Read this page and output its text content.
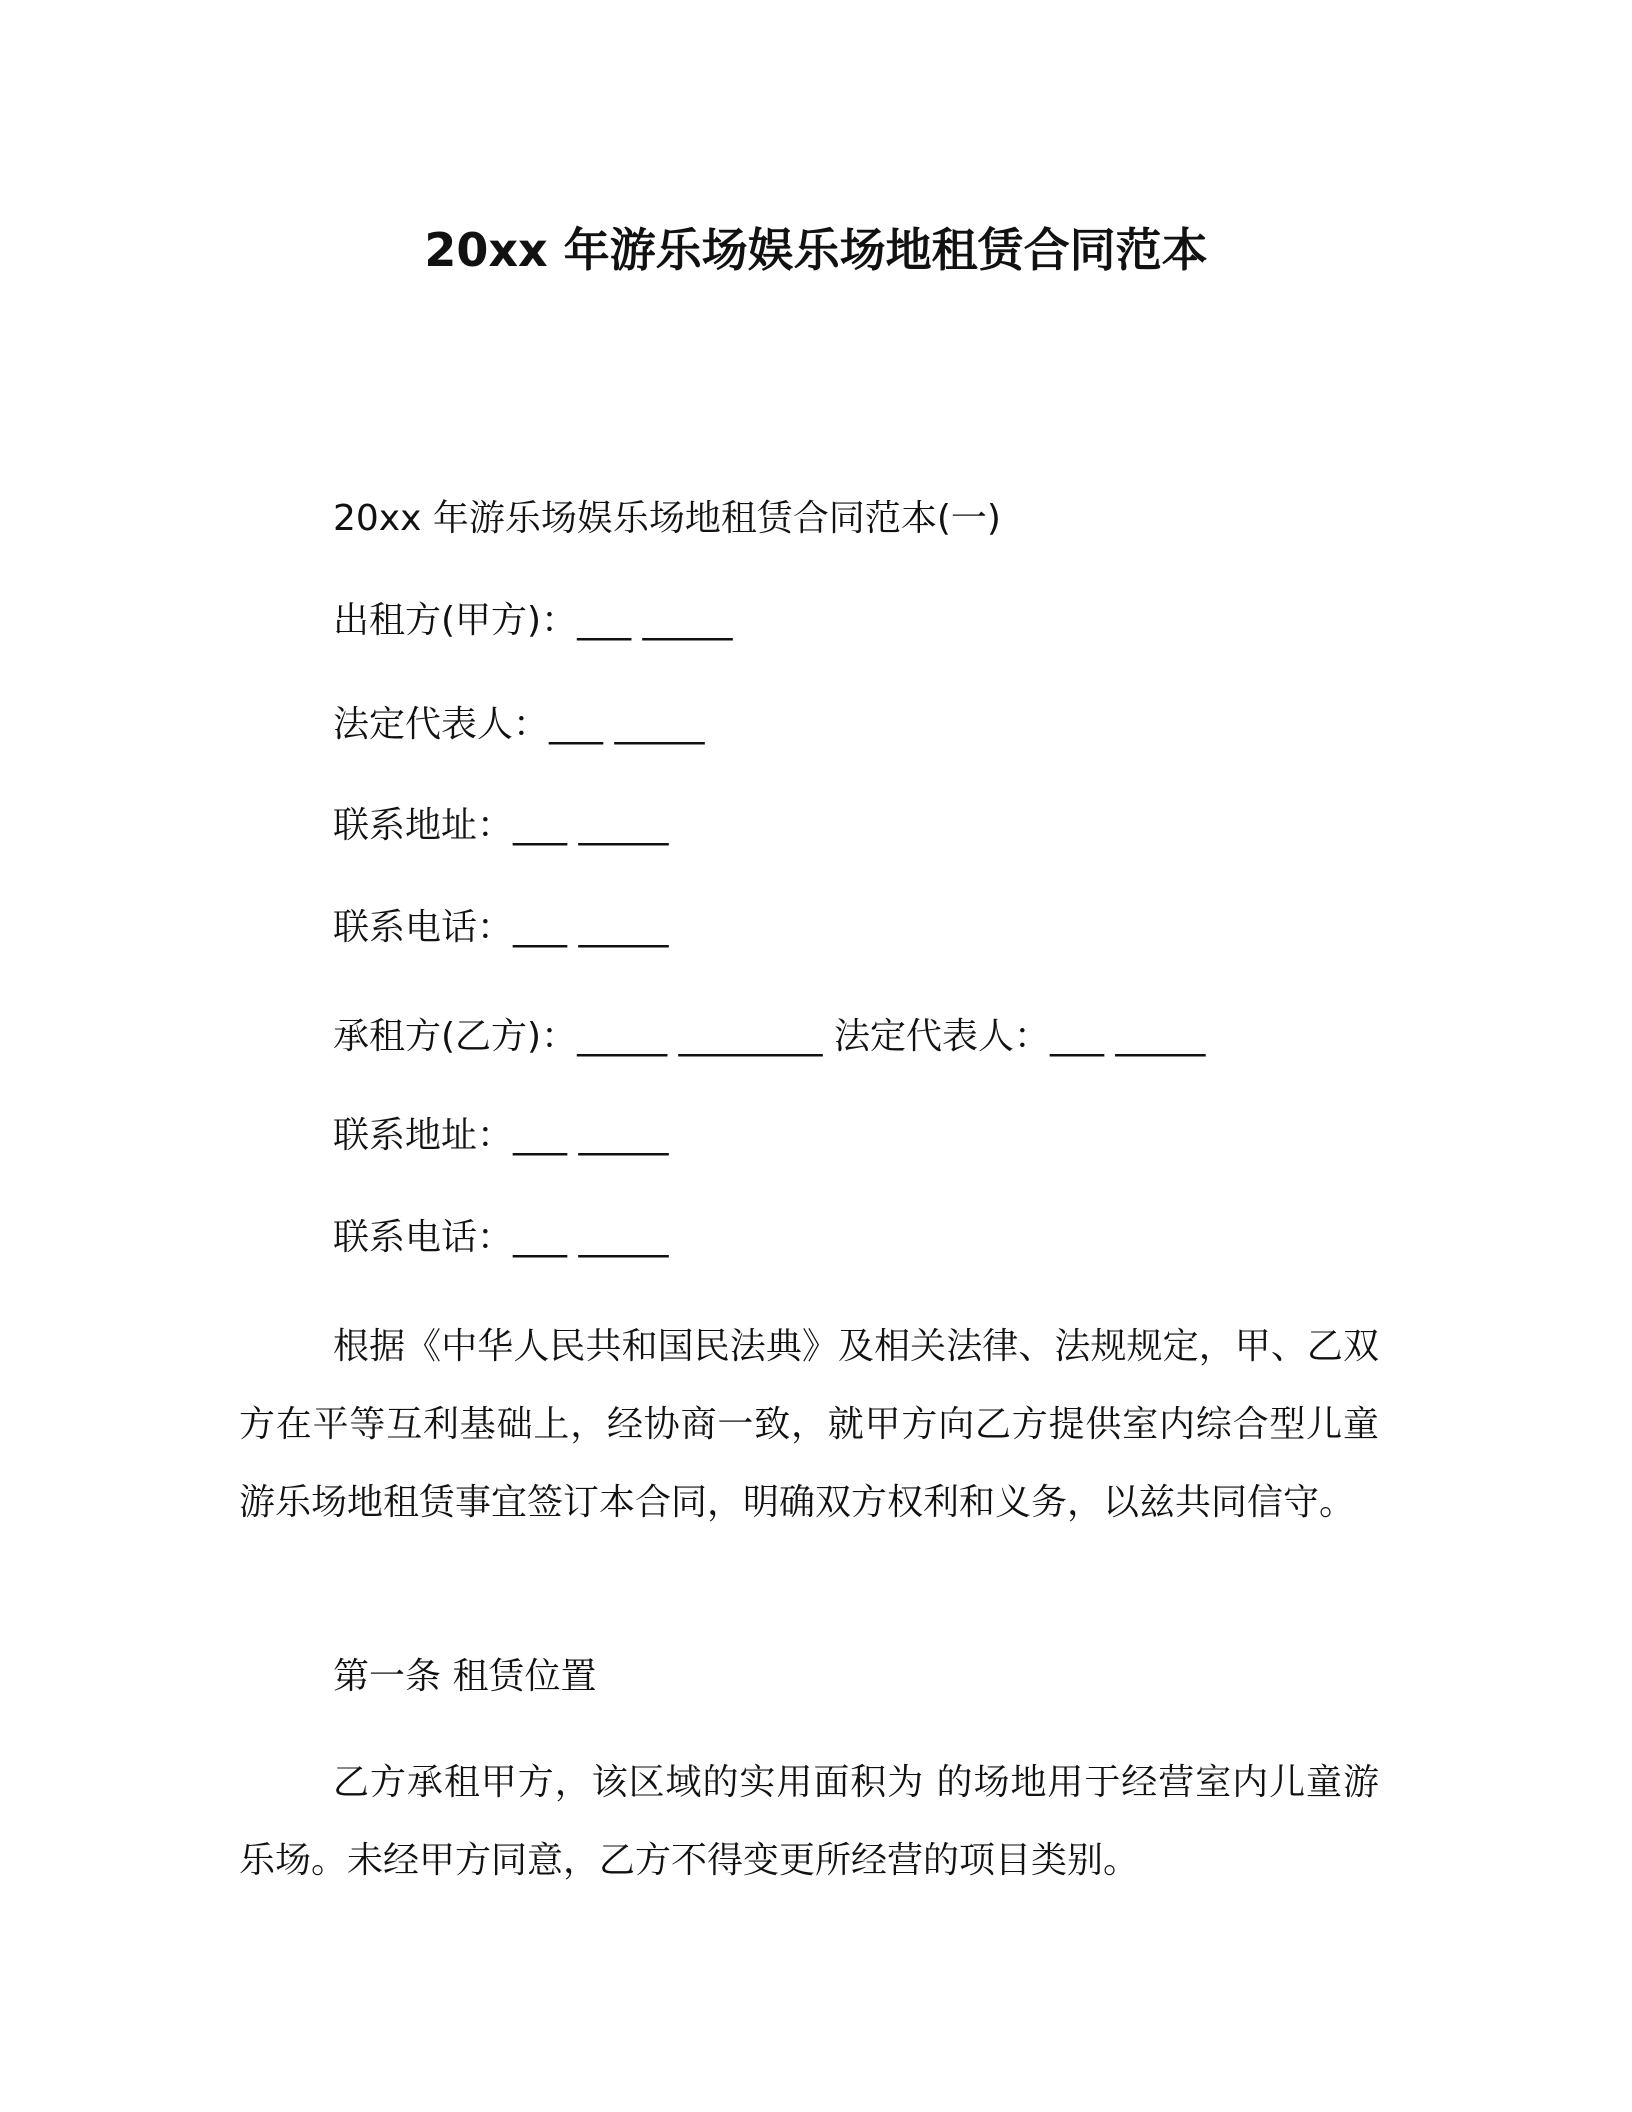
20xx 年游乐场娱乐场地租赁合同范本
20xx 年游乐场娱乐场地租赁合同范本(一)
出租方(甲方)：___ _____
法定代表人：___ _____
联系地址：___ _____
联系电话：___ _____
承租方(乙方)：_____ ________ 法定代表人：___ _____
联系地址：___ _____
联系电话：___ _____
根据《中华人民共和国民法典》及相关法律、法规规定，甲、乙双方在平等互利基础上，经协商一致，就甲方向乙方提供室内综合型儿童游乐场地租赁事宜签订本合同，明确双方权利和义务，以兹共同信守。
第一条 租赁位置
乙方承租甲方，该区域的实用面积为 的场地用于经营室内儿童游乐场。未经甲方同意，乙方不得变更所经营的项目类别。
